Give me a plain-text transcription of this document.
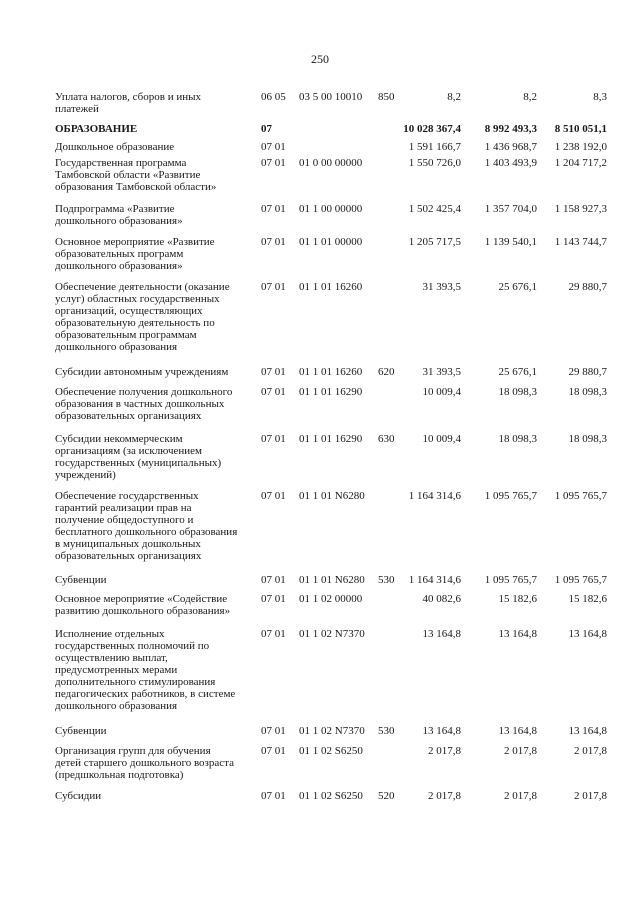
250
Уплата налогов, сборов и иных
платежей
06 05	03 5 00 10010	850	8,2	8,2	8,3
ОБРАЗОВАНИЕ	07	10 028 367,4	8 992 493,3	8 510 051,1
Дошкольное образование	07 01	1 591 166,7	1 436 968,7	1 238 192,0
Государственная программа
Тамбовской области «Развитие
образования Тамбовской области»
07 01	01 0 00 00000	1 550 726,0	1 403 493,9	1 204 717,2
Подпрограмма «Развитие
дошкольного образования»
07 01	01 1 00 00000	1 502 425,4	1 357 704,0	1 158 927,3
Основное мероприятие «Развитие
образовательных программ
дошкольного образования»
07 01	01 1 01 00000	1 205 717,5	1 139 540,1	1 143 744,7
Обеспечение деятельности (оказание
услуг) областных государственных
организаций, осуществляющих
образовательную деятельность по
образовательным программам
дошкольного образования
07 01	01 1 01 16260	31 393,5	25 676,1	29 880,7
Субсидии автономным учреждениям	07 01	01 1 01 16260	620	31 393,5	25 676,1	29 880,7
Обеспечение получения дошкольного
образования в частных дошкольных
образовательных организациях
07 01	01 1 01 16290	10 009,4	18 098,3	18 098,3
Субсидии некоммерческим
организациям (за исключением
государственных (муниципальных)
учреждений)
07 01	01 1 01 16290	630	10 009,4	18 098,3	18 098,3
Обеспечение государственных
гарантий реализации прав на
получение общедоступного и
бесплатного дошкольного образования
в муниципальных дошкольных
образовательных организациях
07 01	01 1 01 N6280	1 164 314,6	1 095 765,7	1 095 765,7
Субвенции	07 01	01 1 01 N6280	530	1 164 314,6	1 095 765,7	1 095 765,7
Основное мероприятие «Содействие
развитию дошкольного образования»
07 01	01 1 02 00000	40 082,6	15 182,6	15 182,6
Исполнение отдельных
государственных полномочий по
осуществлению выплат,
предусмотренных мерами
дополнительного стимулирования
педагогических работников, в системе
дошкольного образования
07 01	01 1 02 N7370	13 164,8	13 164,8	13 164,8
Субвенции	07 01	01 1 02 N7370	530	13 164,8	13 164,8	13 164,8
Организация групп для обучения
детей старшего дошкольного возраста
(предшкольная подготовка)
07 01	01 1 02 S6250	2 017,8	2 017,8	2 017,8
Субсидии	07 01	01 1 02 S6250	520	2 017,8	2 017,8	2 017,8
